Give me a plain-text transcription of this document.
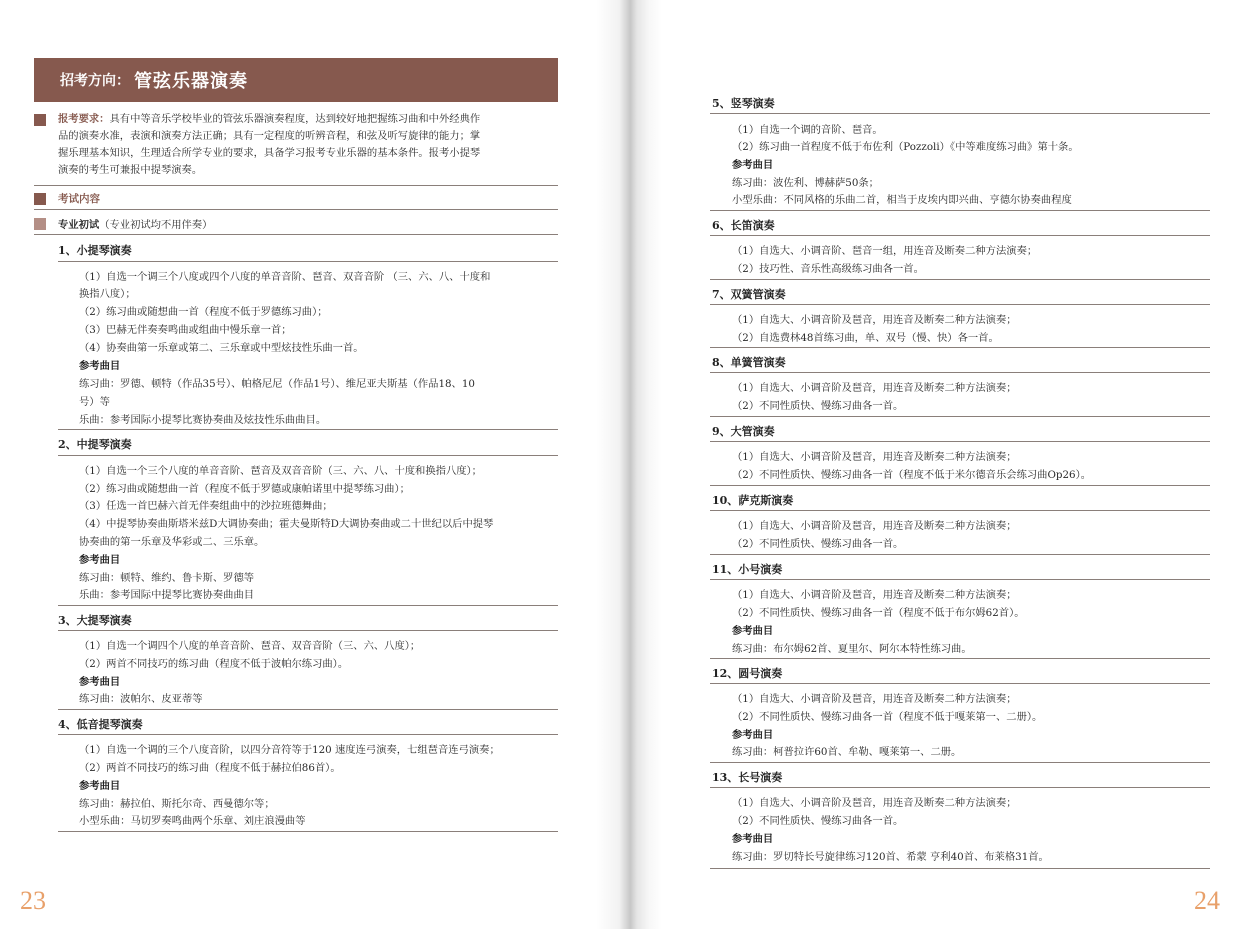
招考方向： 管弦乐器演奏
报考要求：具有中等音乐学校毕业的管弦乐器演奏程度，达到较好地把握练习曲和中外经典作
品的演奏水准，表演和演奏方法正确；具有一定程度的听辨音程，和弦及听写旋律的能力；掌
握乐理基本知识，生理适合所学专业的要求，具备学习报考专业乐器的基本条件。报考小提琴
演奏的考生可兼报中提琴演奏。
考试内容
专业初试（专业初试均不用伴奏）
1、小提琴演奏
（1）自选一个调三个八度或四个八度的单音音阶、琶音、双音音阶 （三、六、八、十度和
换指八度）；
（2）练习曲或随想曲一首（程度不低于罗德练习曲）；
（3）巴赫无伴奏奏鸣曲或组曲中慢乐章一首；
（4）协奏曲第一乐章或第二、三乐章或中型炫技性乐曲一首。
参考曲目
练习曲：罗德、顿特（作品35号）、帕格尼尼（作品1号）、维尼亚夫斯基（作品18、10
号）等
乐曲：参考国际小提琴比赛协奏曲及炫技性乐曲曲目。
2、中提琴演奏
（1）自选一个三个八度的单音音阶、琶音及双音音阶（三、六、八、十度和换指八度）；
（2）练习曲或随想曲一首（程度不低于罗德或康帕诺里中提琴练习曲）；
（3）任选一首巴赫六首无伴奏组曲中的沙拉班德舞曲；
（4）中提琴协奏曲斯塔米兹D大调协奏曲；霍夫曼斯特D大调协奏曲或二十世纪以后中提琴
协奏曲的第一乐章及华彩或二、三乐章。
参考曲目
练习曲：顿特、维约、鲁卡斯、罗德等
乐曲：参考国际中提琴比赛协奏曲曲目
3、大提琴演奏
（1）自选一个调四个八度的单音音阶、琶音、双音音阶（三、六、八度）；
（2）两首不同技巧的练习曲（程度不低于波帕尔练习曲）。
参考曲目
练习曲：波帕尔、皮亚蒂等
4、低音提琴演奏
（1）自选一个调的三个八度音阶，以四分音符等于120 速度连弓演奏，七组琶音连弓演奏；
（2）两首不同技巧的练习曲（程度不低于赫拉伯86首）。
参考曲目
练习曲：赫拉伯、斯托尔奇、西曼德尔等；
小型乐曲：马切罗奏鸣曲两个乐章、刘庄浪漫曲等
23
5、竖琴演奏
（1）自选一个调的音阶、琶音。
（2）练习曲一首程度不低于布佐利（Pozzoli）《中等难度练习曲》第十条。
参考曲目
练习曲：波佐利、博赫萨50条；
小型乐曲：不同风格的乐曲二首，相当于皮埃内即兴曲、亨德尔协奏曲程度
6、长笛演奏
（1）自选大、小调音阶、琶音一组，用连音及断奏二种方法演奏；
（2）技巧性、音乐性高级练习曲各一首。
7、双簧管演奏
（1）自选大、小调音阶及琶音，用连音及断奏二种方法演奏；
（2）自选费林48首练习曲，单、双号（慢、快）各一首。
8、单簧管演奏
（1）自选大、小调音阶及琶音，用连音及断奏二种方法演奏；
（2）不同性质快、慢练习曲各一首。
9、大管演奏
（1）自选大、小调音阶及琶音，用连音及断奏二种方法演奏；
（2）不同性质快、慢练习曲各一首（程度不低于米尔德音乐会练习曲Op26）。
10、萨克斯演奏
（1）自选大、小调音阶及琶音，用连音及断奏二种方法演奏；
（2）不同性质快、慢练习曲各一首。
11、小号演奏
（1）自选大、小调音阶及琶音，用连音及断奏二种方法演奏；
（2）不同性质快、慢练习曲各一首（程度不低于布尔姆62首）。
参考曲目
练习曲：布尔姆62首、夏里尔、阿尔本特性练习曲。
12、圆号演奏
（1）自选大、小调音阶及琶音，用连音及断奏二种方法演奏；
（2）不同性质快、慢练习曲各一首（程度不低于嘎莱第一、二册）。
参考曲目
练习曲：柯普拉许60首、牟勒、嘎莱第一、二册。
13、长号演奏
（1）自选大、小调音阶及琶音，用连音及断奏二种方法演奏；
（2）不同性质快、慢练习曲各一首。
参考曲目
练习曲：罗切特长号旋律练习120首、希蒙 亨利40首、布莱格31首。
24
